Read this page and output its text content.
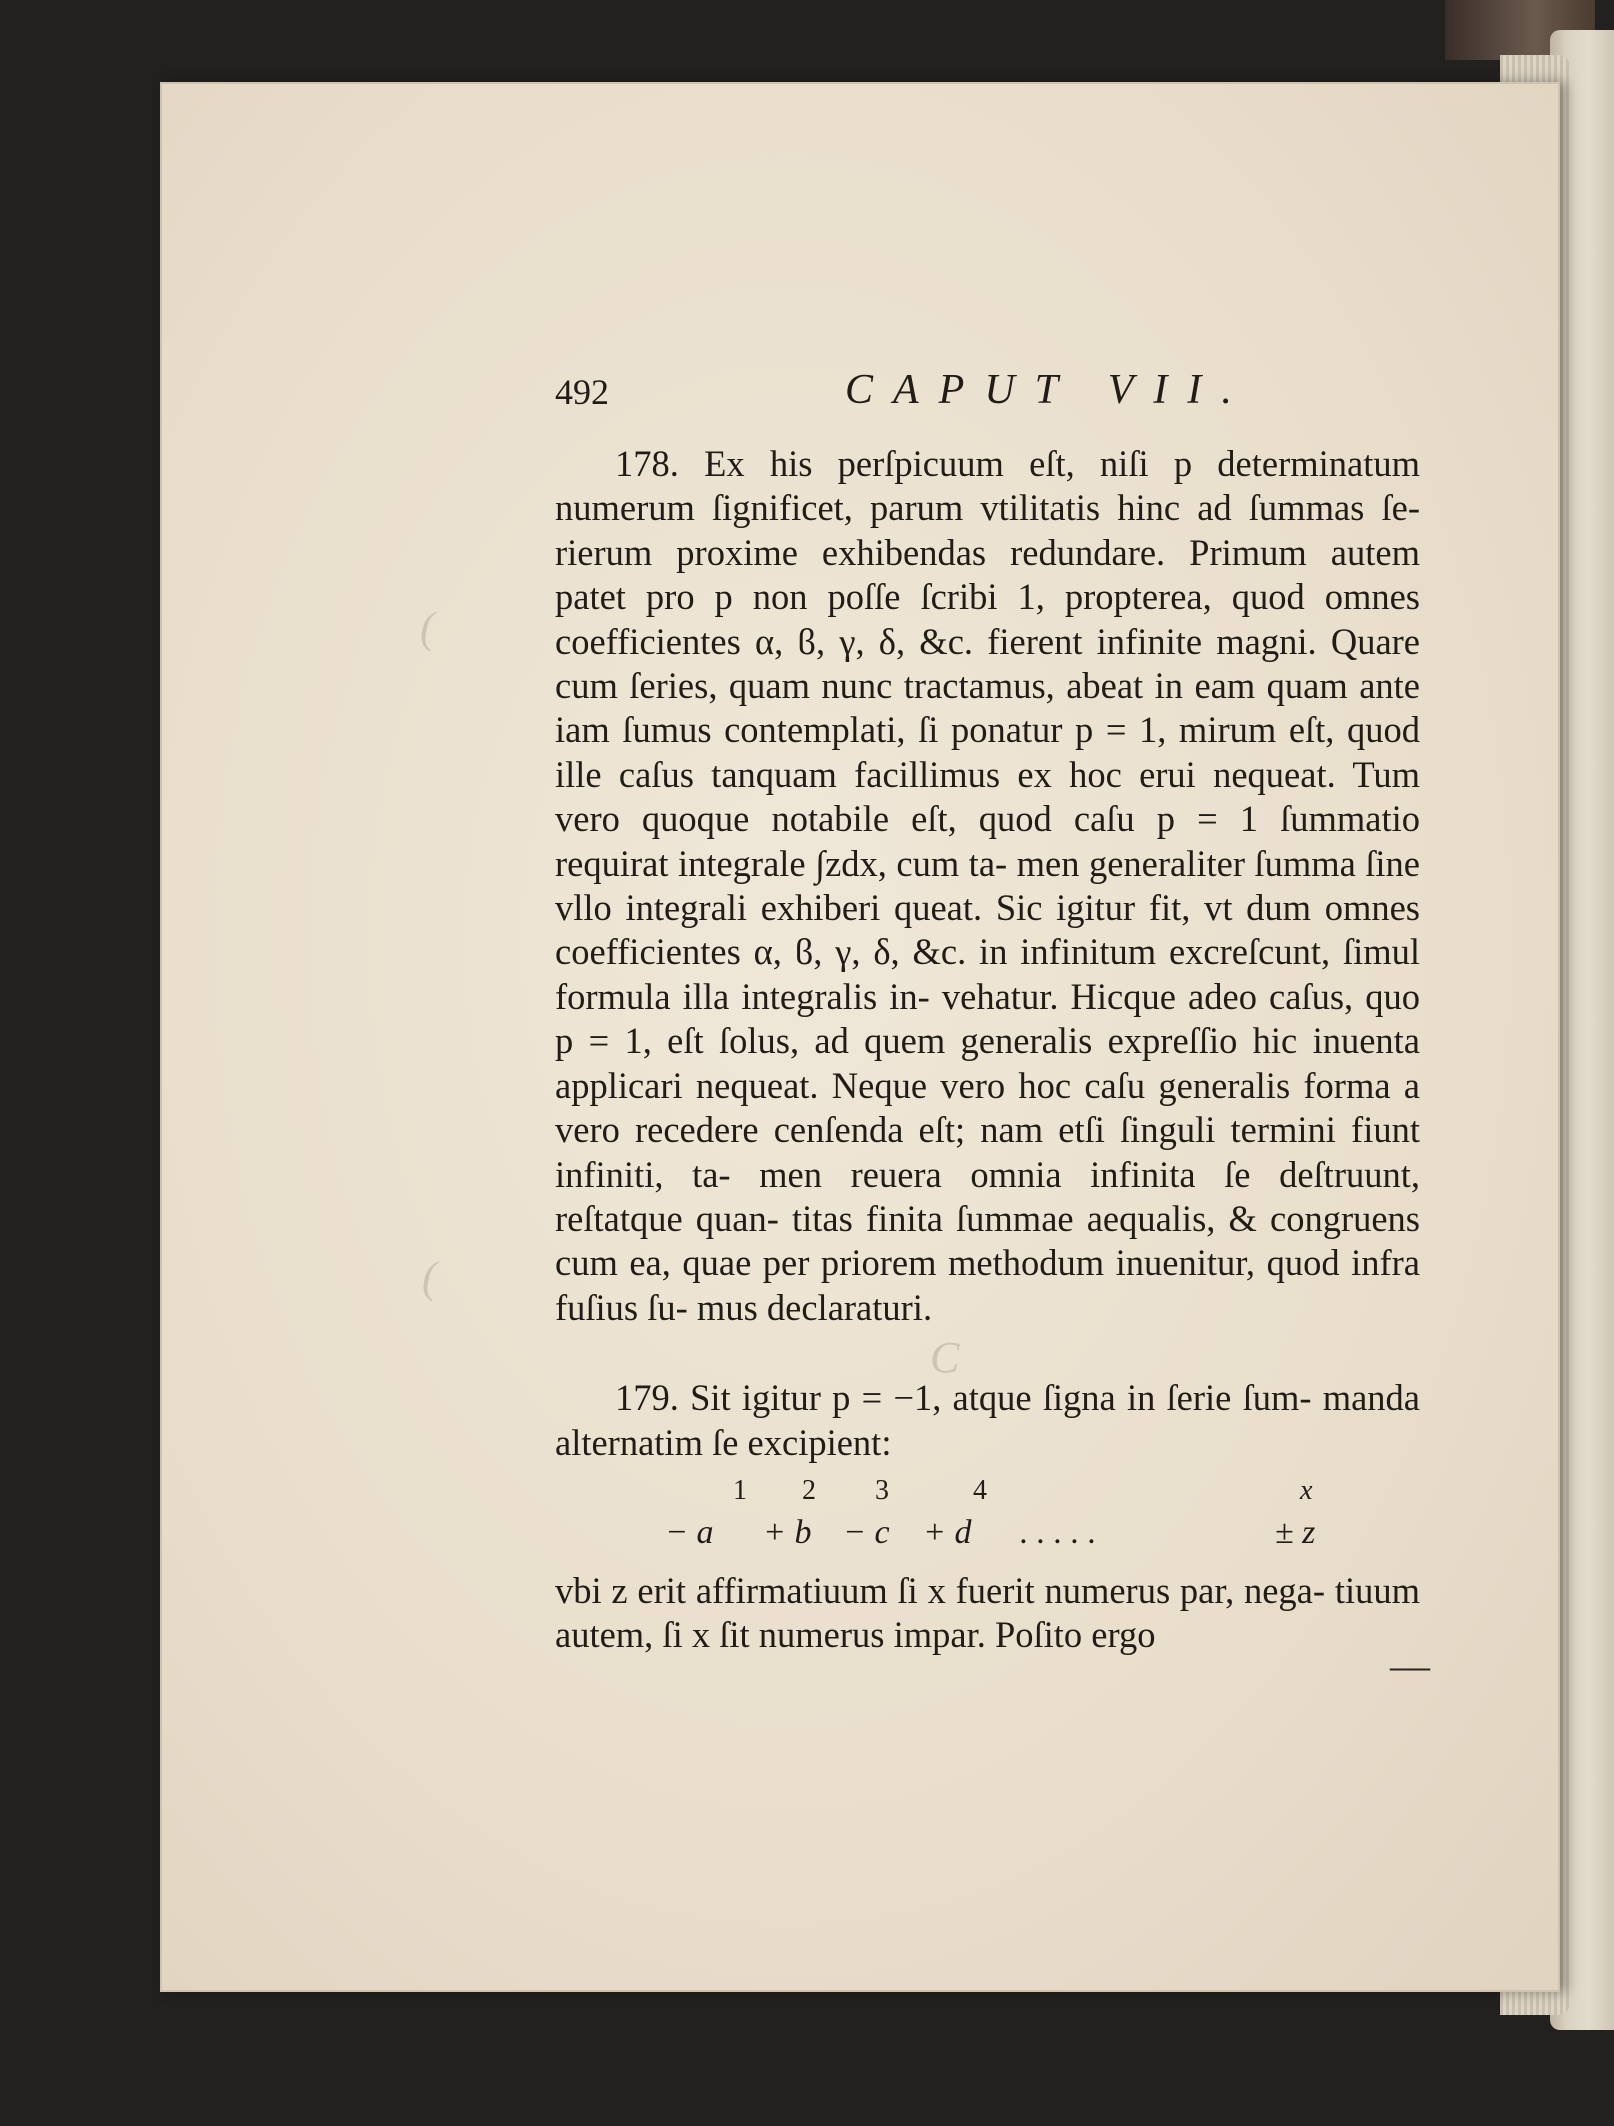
(
(
C
492	CAPUT VII.

178. Ex his perſpicuum eſt, niſi p determinatum numerum ſignificet, parum vtilitatis hinc ad ſummas ſe- rierum proxime exhibendas redundare. Primum autem patet pro p non poſſe ſcribi 1, propterea, quod omnes coefficientes α, ϐ, γ, δ, &c. fierent infinite magni. Quare cum ſeries, quam nunc tractamus, abeat in eam quam ante iam ſumus contemplati, ſi ponatur p = 1, mirum eſt, quod ille caſus tanquam facillimus ex hoc erui nequeat. Tum vero quoque notabile eſt, quod caſu p = 1 ſummatio requirat integrale ∫zdx, cum ta- men generaliter ſumma ſine vllo integrali exhiberi queat. Sic igitur fit, vt dum omnes coefficientes α, ϐ, γ, δ, &c. in infinitum excreſcunt, ſimul formula illa integralis in- vehatur. Hicque adeo caſus, quo p = 1, eſt ſolus, ad quem generalis expreſſio hic inuenta applicari nequeat. Neque vero hoc caſu generalis forma a vero recedere cenſenda eſt; nam etſi ſinguli termini fiunt infiniti, ta- men reuera omnia infinita ſe deſtruunt, reſtatque quan- titas finita ſummae aequalis, & congruens cum ea, quae per priorem methodum inuenitur, quod infra fuſius ſu- mus declaraturi.

179. Sit igitur p = −1, atque ſigna in ſerie ſum- manda alternatim ſe excipient:

1 2 3	4	x
− a + b − c + d . . . . .	± z

vbi z erit affirmatiuum ſi x fuerit numerus par, nega- tiuum autem, ſi x ſit numerus impar. Poſito ergo

—
